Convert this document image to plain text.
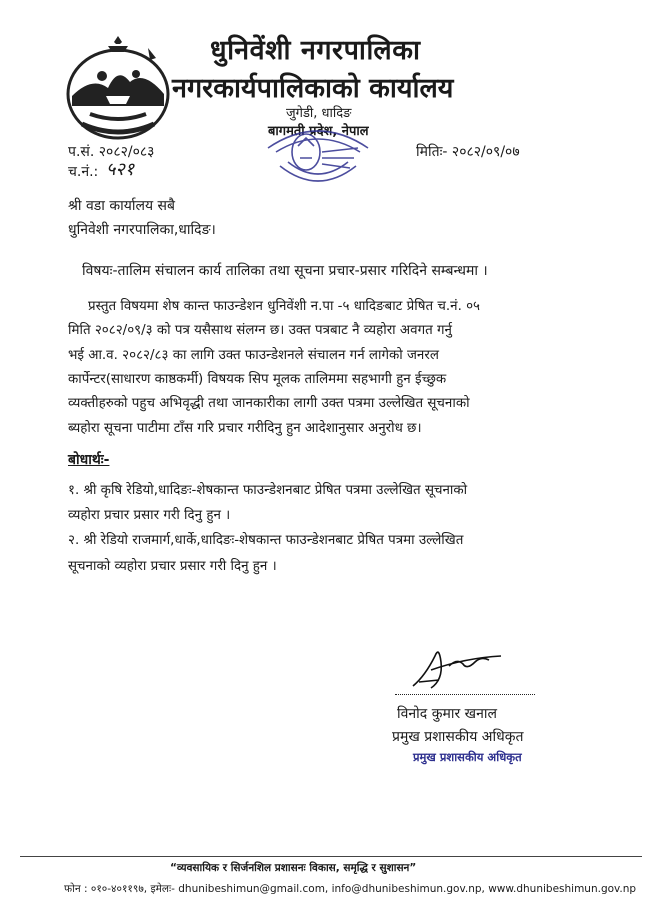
धुनिवेंशी नगरपालिका
नगरकार्यपालिकाको कार्यालय
जुगेडी, धादिङ
बागमती प्रदेश, नेपाल
प.सं. २०८२/०८३	मितिः- २०८२/०९/०७
च.नं.: ५२१
श्री वडा कार्यालय सबै
धुनिवेशी नगरपालिका,धादिङ।
विषयः-तालिम संचालन कार्य तालिका तथा सूचना प्रचार-प्रसार गरिदिने सम्बन्धमा ।
प्रस्तुत विषयमा शेष कान्त फाउन्डेशन धुनिवेंशी न.पा -५ धादिङबाट प्रेषित च.नं. ०५
मिति २०८२/०९/३ को पत्र यसैसाथ संलग्न छ। उक्त पत्रबाट नै व्यहोरा अवगत गर्नु
भई आ.व. २०८२/८३ का लागि उक्त फाउन्डेशनले संचालन गर्न लागेको जनरल
कार्पेन्टर(साधारण काष्ठकर्मी) विषयक सिप मूलक तालिममा सहभागी हुन ईच्छुक
व्यक्तीहरुको पहुच अभिवृद्धी तथा जानकारीका लागी उक्त पत्रमा उल्लेखित सूचनाको
ब्यहोरा सूचना पाटीमा टाँस गरि प्रचार गरीदिनु हुन आदेशानुसार अनुरोध छ।
बोधार्थः-
१. श्री कृषि रेडियो,धादिङः-शेषकान्त फाउन्डेशनबाट प्रेषित पत्रमा उल्लेखित सूचनाको
व्यहोरा प्रचार प्रसार गरी दिनु हुन ।
२. श्री रेडियो राजमार्ग,धार्के,धादिङः-शेषकान्त फाउन्डेशनबाट प्रेषित पत्रमा उल्लेखित
सूचनाको व्यहोरा प्रचार प्रसार गरी दिनु हुन ।
विनोद कुमार खनाल
प्रमुख प्रशासकीय अधिकृत
प्रमुख प्रशासकीय अधिकृत
“व्यवसायिक र सिर्जनशिल प्रशासनः विकास, समृद्धि र सुशासन”
फोन : ०१०-४०११९७, इमेलः- dhunibeshimun@gmail.com, info@dhunibeshimun.gov.np, www.dhunibeshimun.gov.np
